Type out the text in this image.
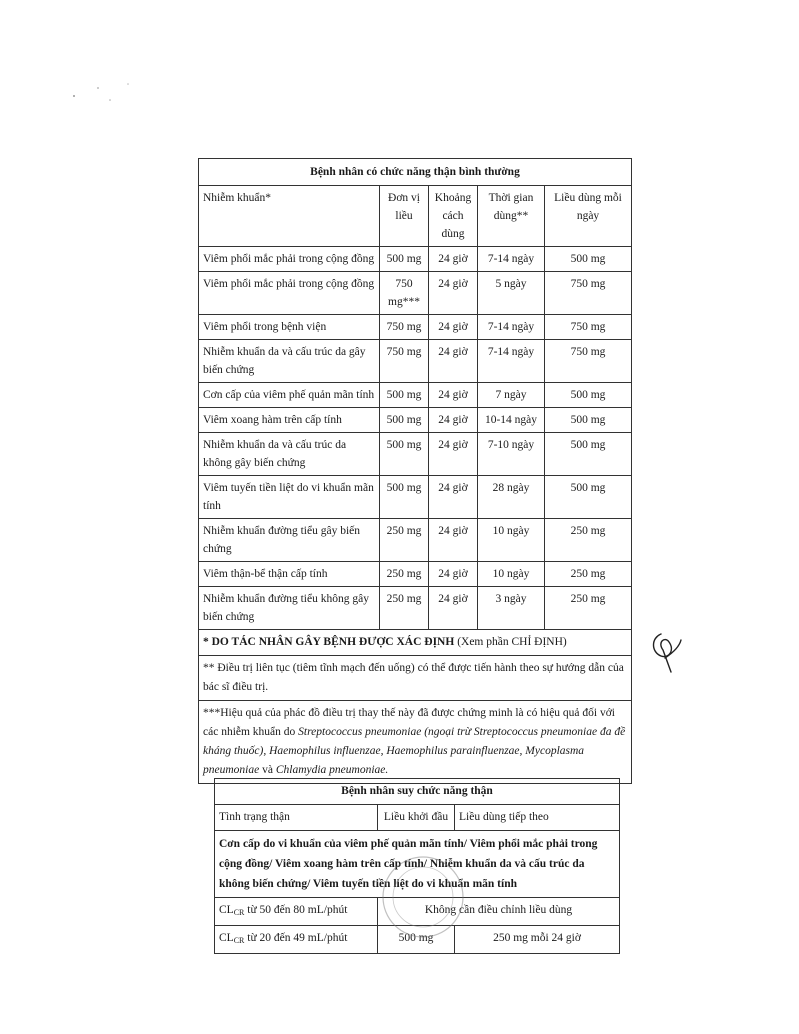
Bệnh nhân có chức năng thận bình thường				
Nhiễm khuẩn*	Đơn vị liều	Khoảng cách dùng	Thời gian dùng**	Liều dùng mỗi ngày
Viêm phổi mắc phải trong cộng đồng	500 mg	24 giờ	7-14 ngày	500 mg
Viêm phổi mắc phải trong cộng đồng	750 mg***	24 giờ	5 ngày	750 mg
Viêm phổi trong bệnh viện	750 mg	24 giờ	7-14 ngày	750 mg
Nhiễm khuẩn da và cấu trúc da gây biến chứng	750 mg	24 giờ	7-14 ngày	750 mg
Cơn cấp của viêm phế quản mãn tính	500 mg	24 giờ	7 ngày	500 mg
Viêm xoang hàm trên cấp tính	500 mg	24 giờ	10-14 ngày	500 mg
Nhiễm khuẩn da và cấu trúc da không gây biến chứng	500 mg	24 giờ	7-10 ngày	500 mg
Viêm tuyến tiền liệt do vi khuẩn mãn tính	500 mg	24 giờ	28 ngày	500 mg
Nhiễm khuẩn đường tiểu gây biến chứng	250 mg	24 giờ	10 ngày	250 mg
Viêm thận-bể thận cấp tính	250 mg	24 giờ	10 ngày	250 mg
Nhiễm khuẩn đường tiểu không gây biến chứng	250 mg	24 giờ	3 ngày	250 mg
* DO TÁC NHÂN GÂY BỆNH ĐƯỢC XÁC ĐỊNH (Xem phần CHỈ ĐỊNH)				
** Điều trị liên tục (tiêm tĩnh mạch đến uống) có thể được tiến hành theo sự hướng dẫn của bác sĩ điều trị.				
***Hiệu quả của phác đồ điều trị thay thế này đã được chứng minh là có hiệu quả đối với các nhiễm khuẩn do Streptococcus pneumoniae (ngoại trừ Streptococcus pneumoniae đa đề kháng thuốc), Haemophilus influenzae, Haemophilus parainfluenzae, Mycoplasma pneumoniae và Chlamydia pneumoniae.				
Bệnh nhân suy chức năng thận		
Tình trạng thận	Liều khởi đầu	Liều dùng tiếp theo
Cơn cấp do vi khuẩn của viêm phế quản mãn tính/ Viêm phổi mắc phải trong cộng đồng/ Viêm xoang hàm trên cấp tính/ Nhiễm khuẩn da và cấu trúc da không biến chứng/ Viêm tuyến tiền liệt do vi khuẩn mãn tính		
$CL_{CR}$ từ 50 đến 80 mL/phút	Không cần điều chỉnh liều dùng	
$CL_{CR}$ từ 20 đến 49 mL/phút	500 mg	250 mg mỗi 24 giờ
